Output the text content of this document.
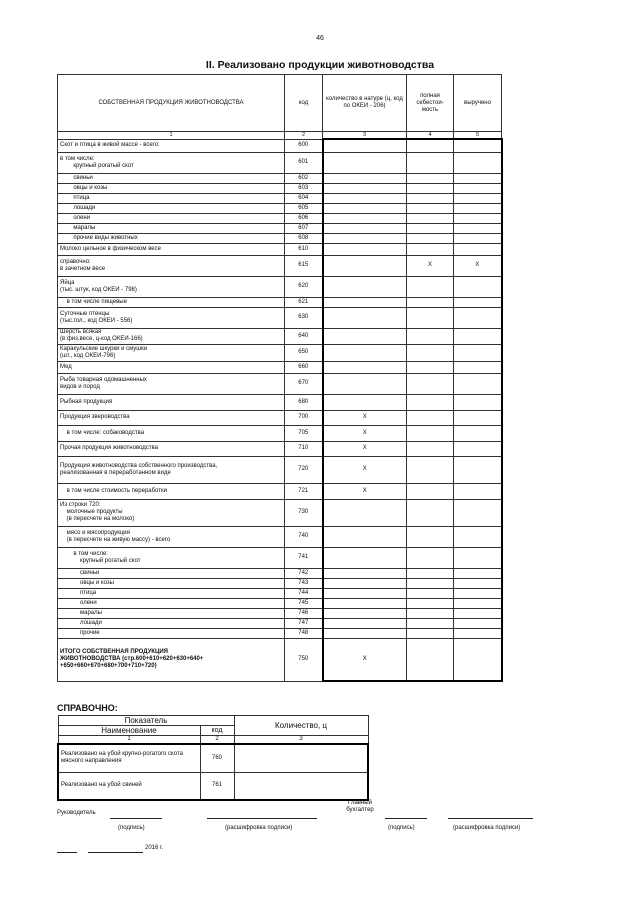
46
II. Реализовано продукции животноводства
СОБСТВЕННАЯ ПРОДУКЦИЯ ЖИВОТНОВОДСТВА	код	количество в натуре (ц, код по ОКЕИ - 206)	полная себестои- мость	выручено
1	2	3	4	5
Скот и птица в живой массе - всего:	600			
в том числе:
крупный рогатый скот	601			
свиньи	602			
овцы и козы	603			
птица	604			
лошади	605			
олени	606			
маралы	607			
прочие виды животных	608			
Молоко цельное в физическом весе	610			
справочно:
в зачетном весе	615		X	X
Яйца
(тыс. штук, код ОКЕИ - 798)	620			
в том числе пищевые	621			
Суточные птенцы
(тыс.гол., код ОКЕИ - 556)	630			
Шерсть всякая
(в физ.весе, ц-код ОКЕИ-166)	640			
Каракульские шкурки и смушки
(шт., код ОКЕИ-796)	650			
Мед	660			
Рыба товарная одомашненных
видов и пород	670			
Рыбная продукция	680			
Продукция звероводства	700	X		
в том числе: собаководства	705	X		
Прочая продукция животноводства	710	X		
Продукция животноводства собственного производства,
реализованная в переработанном виде	720	X		
в том числе стоимость переработки	721	X		
Из строки 720:
молочные продукты
(в пересчете на молоко)	730			
мясо и мясопродукция
(в пересчете на живую массу) - всего	740			
в том числе:
крупный рогатый скот	741			
свиньи	742			
овцы и козы	743			
птица	744			
олени	745			
маралы	746			
лошади	747			
прочие	748			
ИТОГО СОБСТВЕННАЯ ПРОДУКЦИЯ
ЖИВОТНОВОДСТВА (стр.600+610+620+630+640+
+650+660+670+680+700+710+720)	750	X		
СПРАВОЧНО:
Показатель		Количество, ц
Наименование	код	
1	2	3
Реализовано на убой крупно-рогатого скота мясного направления	760	
Реализовано на убой свиней	761	
Руководитель
Главный
бухгалтер
(подпись)	(расшифровка подписи)	(подпись)	(расшифровка подписи)
2016 г.
